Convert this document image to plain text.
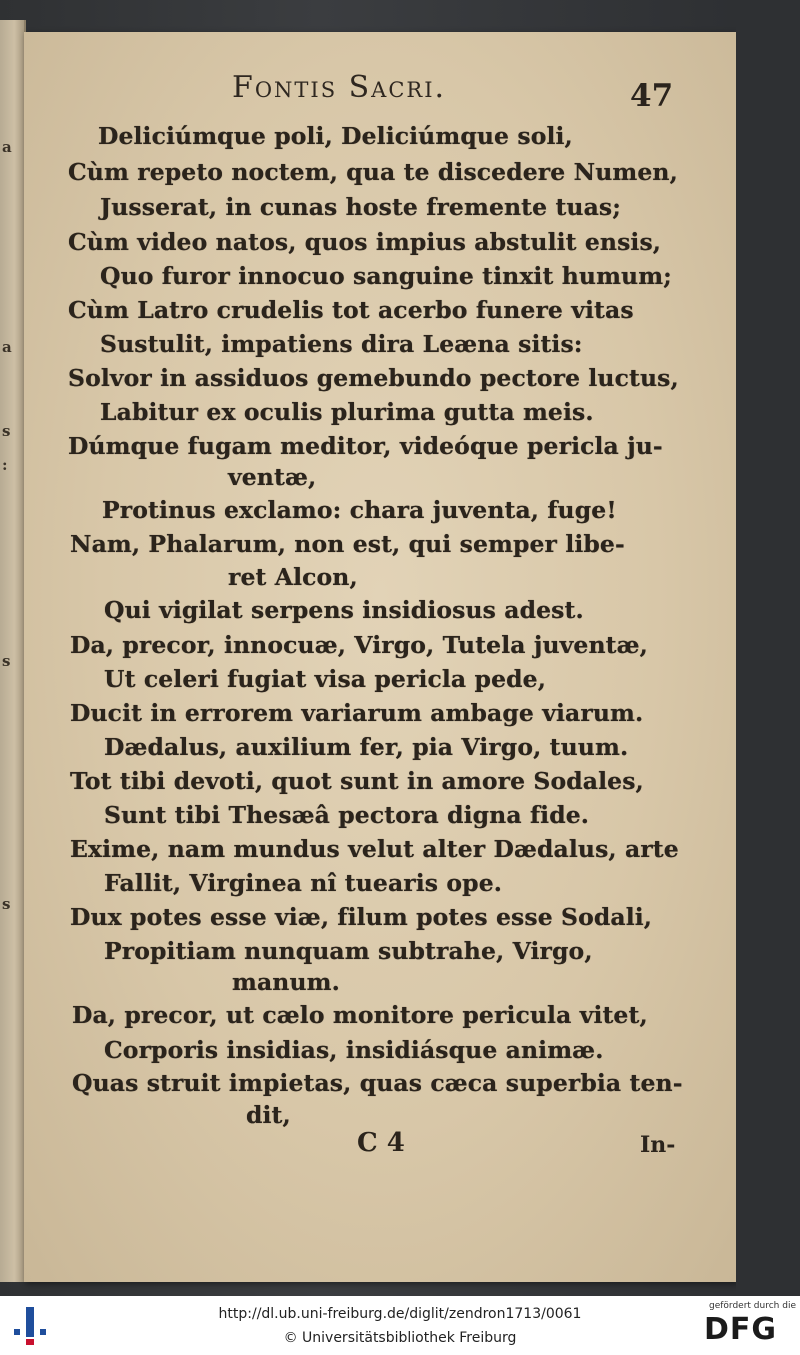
a
a
s
:
s
s
Fontis Sacri.	47
Deliciúmque poli, Deliciúmque soli,
Cùm repeto noctem, qua te discedere Numen,
Jusserat, in cunas hoste fremente tuas;
Cùm video natos, quos impius abstulit ensis,
Quo furor innocuo sanguine tinxit humum;
Cùm Latro crudelis tot acerbo funere vitas
Sustulit, impatiens dira Leæna sitis:
Solvor in assiduos gemebundo pectore luctus,
Labitur ex oculis plurima gutta meis.
Dúmque fugam meditor, videóque pericla ju-
ventæ,
Protinus exclamo: chara juventa, fuge!
Nam, Phalarum, non est, qui semper libe-
ret Alcon,
Qui vigilat serpens insidiosus adest.
Da, precor, innocuæ, Virgo, Tutela juventæ,
Ut celeri fugiat visa pericla pede,
Ducit in errorem variarum ambage viarum.
Dædalus, auxilium fer, pia Virgo, tuum.
Tot tibi devoti, quot sunt in amore Sodales,
Sunt tibi Thesæâ pectora digna fide.
Exime, nam mundus velut alter Dædalus, arte
Fallit, Virginea nî tuearis ope.
Dux potes esse viæ, filum potes esse Sodali,
Propitiam nunquam subtrahe, Virgo,
manum.
Da, precor, ut cælo monitore pericula vitet,
Corporis insidias, insidiásque animæ.
Quas struit impietas, quas cæca superbia ten-
dit,
C 4	In-
http://dl.ub.uni-freiburg.de/diglit/zendron1713/0061
© Universitätsbibliothek Freiburg
gefördert durch die
DFG
